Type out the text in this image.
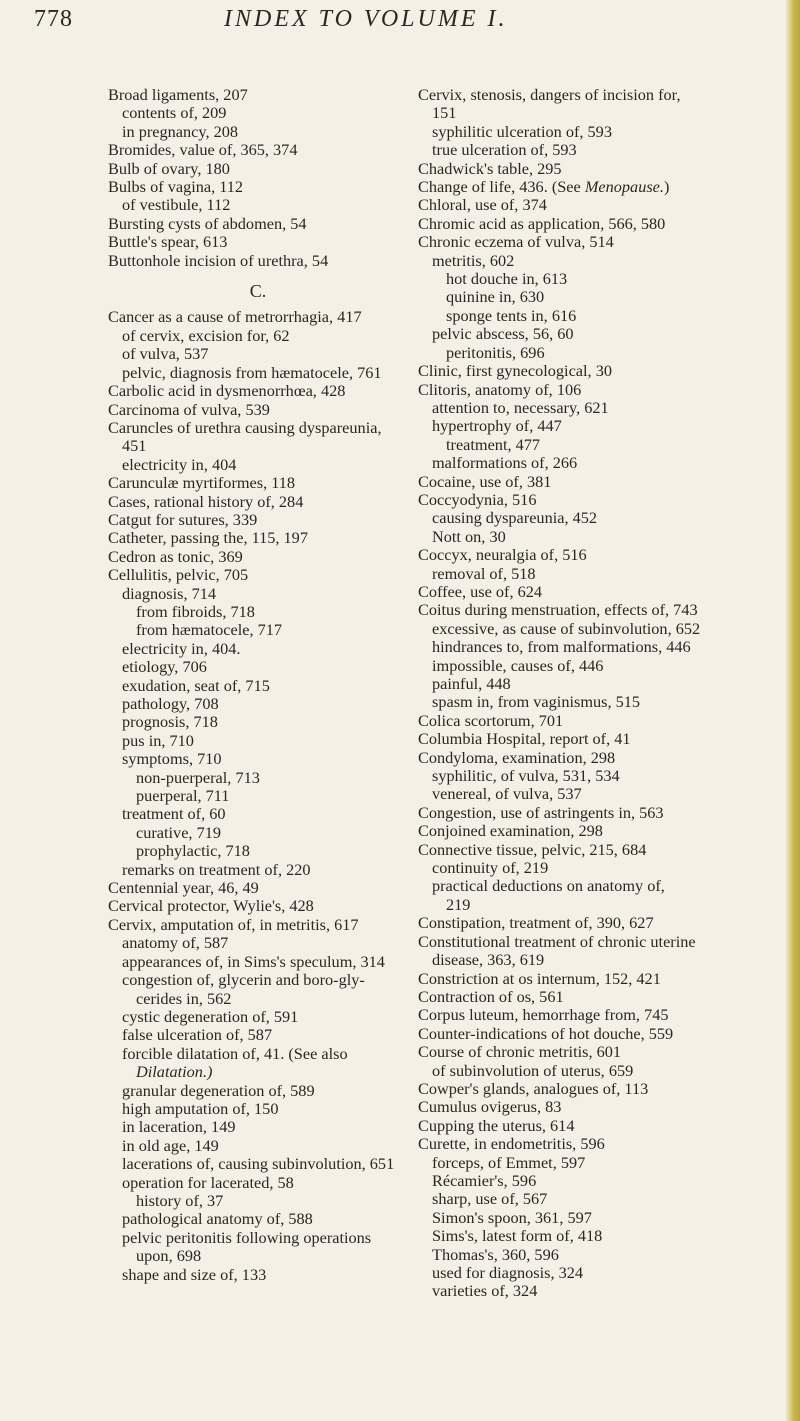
778	INDEX TO VOLUME I.
Broad ligaments, 207
contents of, 209
in pregnancy, 208
Bromides, value of, 365, 374
Bulb of ovary, 180
Bulbs of vagina, 112
of vestibule, 112
Bursting cysts of abdomen, 54
Buttle's spear, 613
Buttonhole incision of urethra, 54
C.
Cancer as a cause of metrorrhagia, 417
of cervix, excision for, 62
of vulva, 537
pelvic, diagnosis from hæmatocele, 761
Carbolic acid in dysmenorrhœa, 428
Carcinoma of vulva, 539
Caruncles of urethra causing dyspareunia,
451
electricity in, 404
Carunculæ myrtiformes, 118
Cases, rational history of, 284
Catgut for sutures, 339
Catheter, passing the, 115, 197
Cedron as tonic, 369
Cellulitis, pelvic, 705
diagnosis, 714
from fibroids, 718
from hæmatocele, 717
electricity in, 404.
etiology, 706
exudation, seat of, 715
pathology, 708
prognosis, 718
pus in, 710
symptoms, 710
non-puerperal, 713
puerperal, 711
treatment of, 60
curative, 719
prophylactic, 718
remarks on treatment of, 220
Centennial year, 46, 49
Cervical protector, Wylie's, 428
Cervix, amputation of, in metritis, 617
anatomy of, 587
appearances of, in Sims's speculum, 314
congestion of, glycerin and boro-gly-
cerides in, 562
cystic degeneration of, 591
false ulceration of, 587
forcible dilatation of, 41. (See also
Dilatation.)
granular degeneration of, 589
high amputation of, 150
in laceration, 149
in old age, 149
lacerations of, causing subinvolution, 651
operation for lacerated, 58
history of, 37
pathological anatomy of, 588
pelvic peritonitis following operations
upon, 698
shape and size of, 133
Cervix, stenosis, dangers of incision for,
151
syphilitic ulceration of, 593
true ulceration of, 593
Chadwick's table, 295
Change of life, 436. (See Menopause.)
Chloral, use of, 374
Chromic acid as application, 566, 580
Chronic eczema of vulva, 514
metritis, 602
hot douche in, 613
quinine in, 630
sponge tents in, 616
pelvic abscess, 56, 60
peritonitis, 696
Clinic, first gynecological, 30
Clitoris, anatomy of, 106
attention to, necessary, 621
hypertrophy of, 447
treatment, 477
malformations of, 266
Cocaine, use of, 381
Coccyodynia, 516
causing dyspareunia, 452
Nott on, 30
Coccyx, neuralgia of, 516
removal of, 518
Coffee, use of, 624
Coitus during menstruation, effects of, 743
excessive, as cause of subinvolution, 652
hindrances to, from malformations, 446
impossible, causes of, 446
painful, 448
spasm in, from vaginismus, 515
Colica scortorum, 701
Columbia Hospital, report of, 41
Condyloma, examination, 298
syphilitic, of vulva, 531, 534
venereal, of vulva, 537
Congestion, use of astringents in, 563
Conjoined examination, 298
Connective tissue, pelvic, 215, 684
continuity of, 219
practical deductions on anatomy of,
219
Constipation, treatment of, 390, 627
Constitutional treatment of chronic uterine
disease, 363, 619
Constriction at os internum, 152, 421
Contraction of os, 561
Corpus luteum, hemorrhage from, 745
Counter-indications of hot douche, 559
Course of chronic metritis, 601
of subinvolution of uterus, 659
Cowper's glands, analogues of, 113
Cumulus ovigerus, 83
Cupping the uterus, 614
Curette, in endometritis, 596
forceps, of Emmet, 597
Récamier's, 596
sharp, use of, 567
Simon's spoon, 361, 597
Sims's, latest form of, 418
Thomas's, 360, 596
used for diagnosis, 324
varieties of, 324
